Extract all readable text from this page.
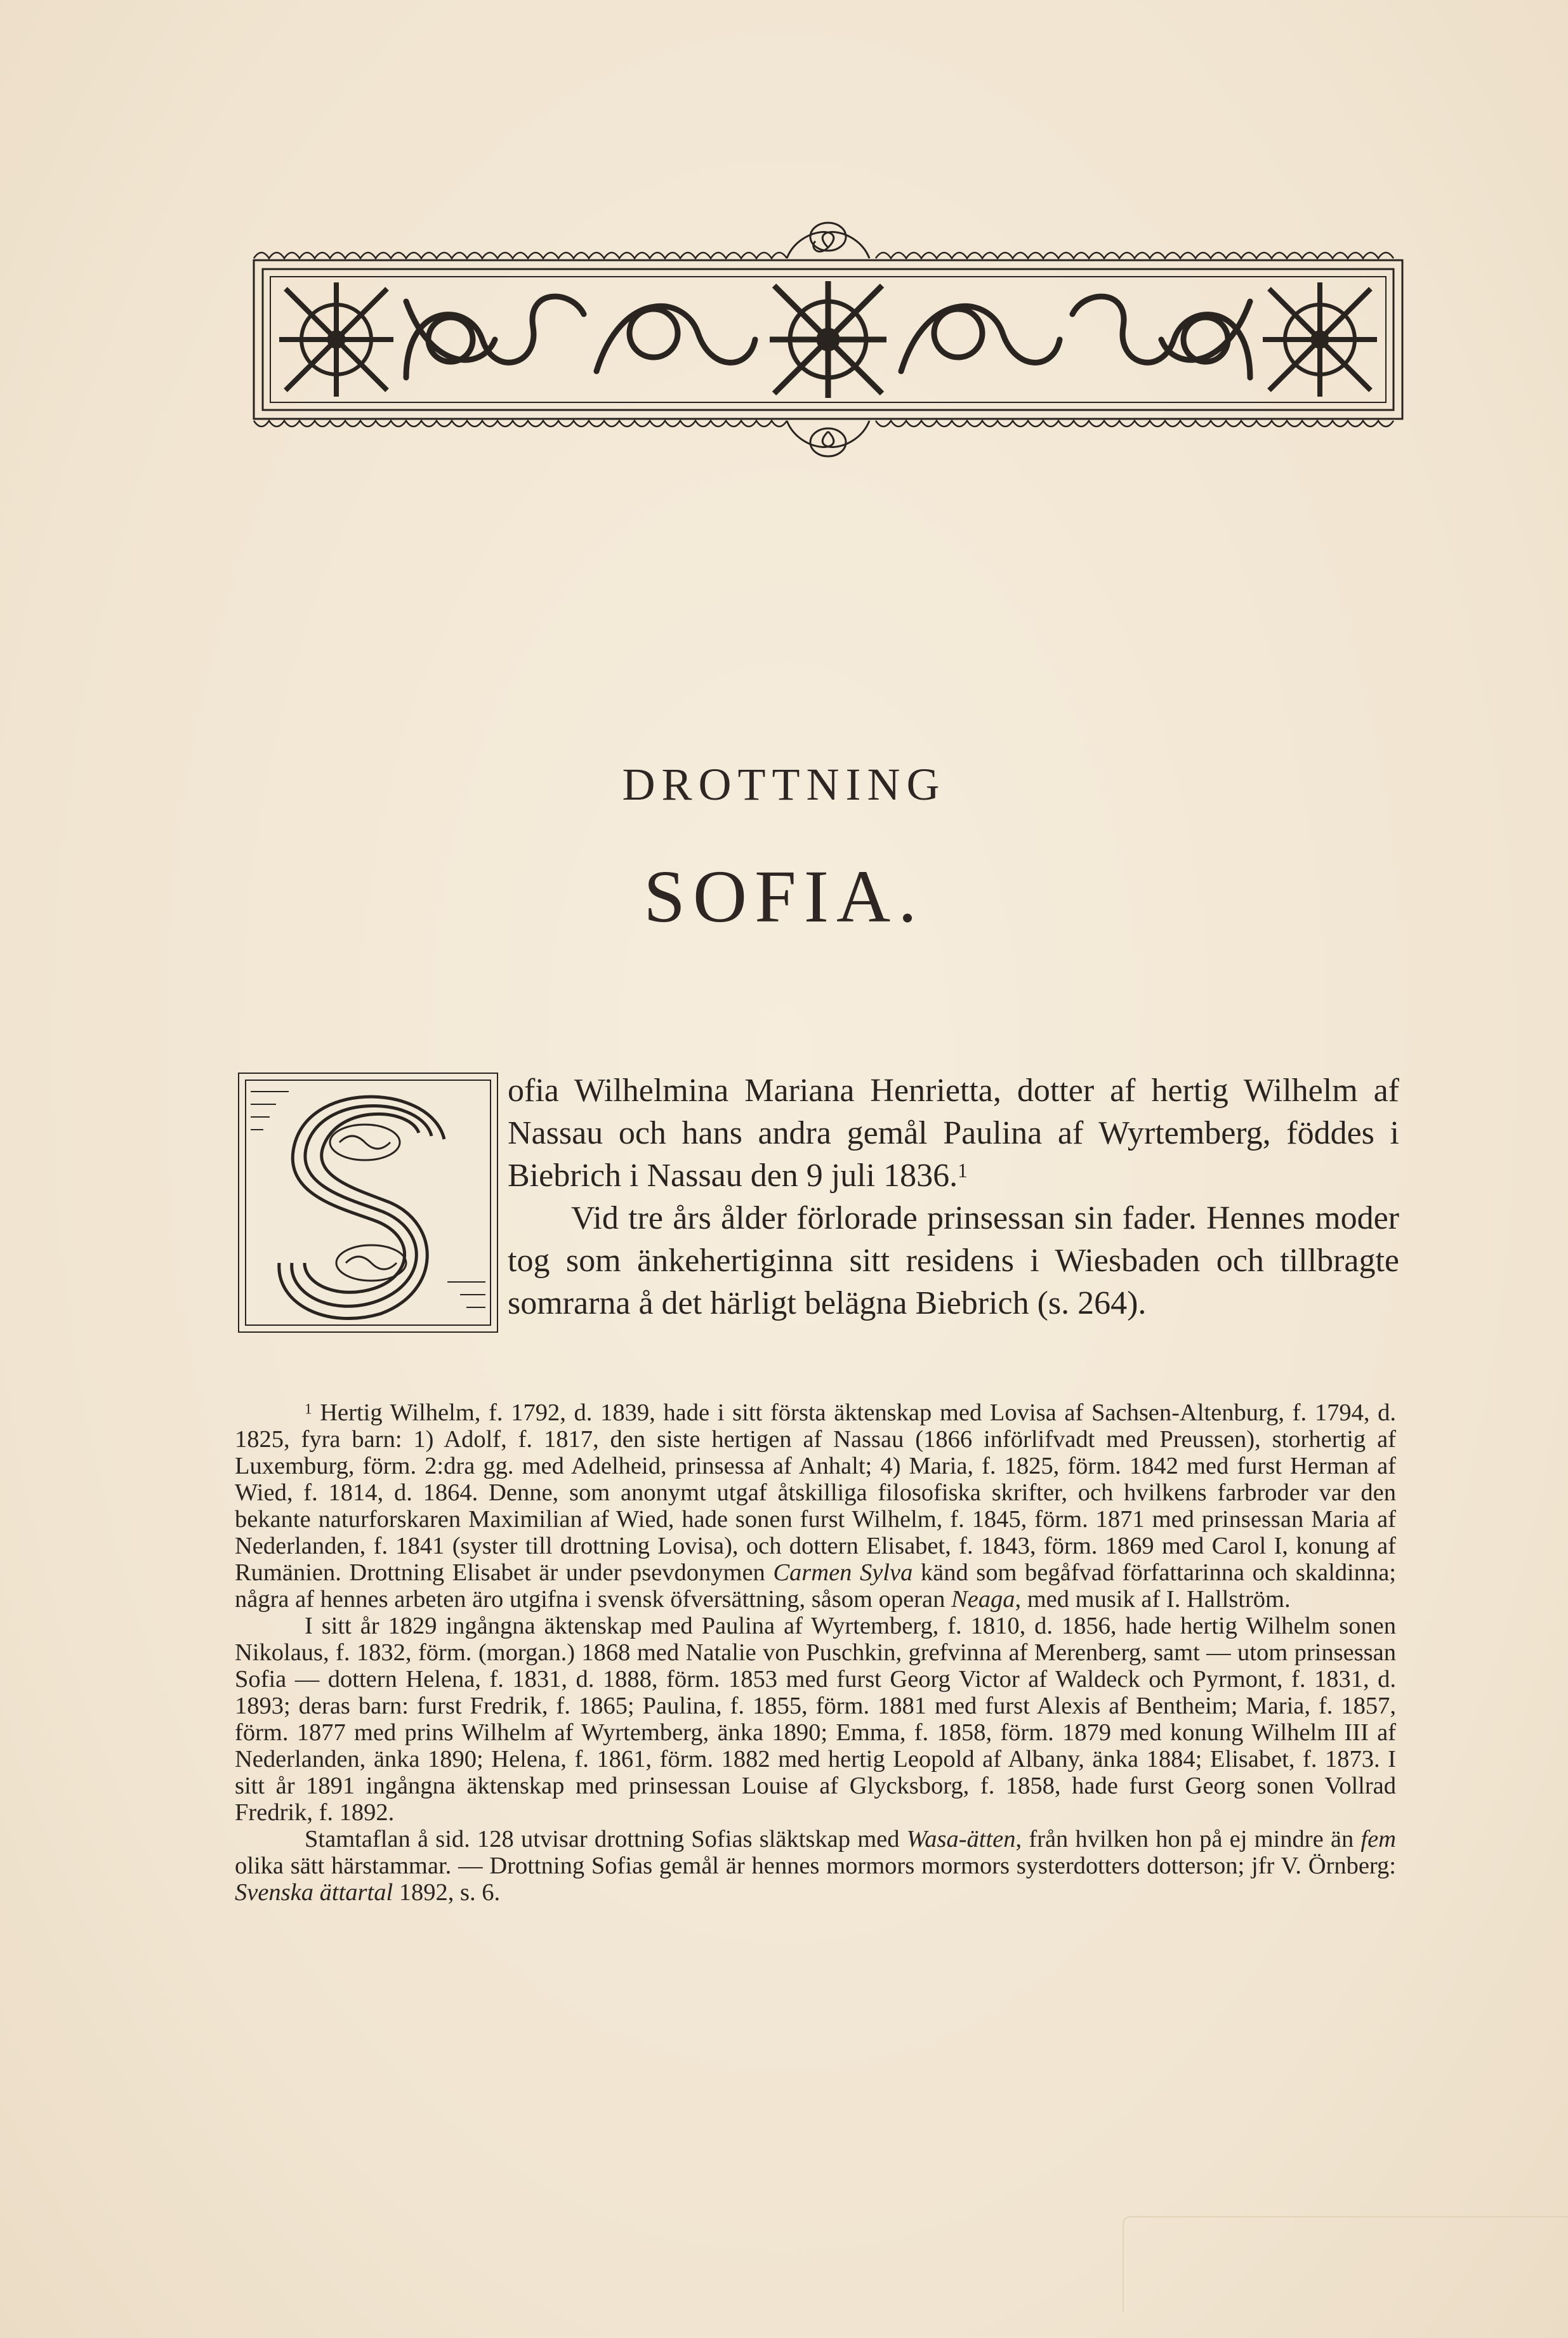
DROTTNING
SOFIA.

ofia Wilhelmina Mariana Henrietta, dotter af hertig Wilhelm af Nassau och hans andra gemål Paulina af Wyrtemberg, föddes i Biebrich i Nassau den 9 juli 1836.$^1$

Vid tre års ålder förlorade prinsessan sin fader. Hennes moder tog som änkehertiginna sitt residens i Wiesbaden och tillbragte somrarna å det härligt belägna Biebrich (s. 264).

$^1$ Hertig Wilhelm, f. 1792, d. 1839, hade i sitt första äktenskap med Lovisa af Sachsen-Altenburg, f. 1794, d. 1825, fyra barn: 1) Adolf, f. 1817, den siste hertigen af Nassau (1866 införlifvadt med Preussen), storhertig af Luxemburg, förm. 2:dra gg. med Adelheid, prinsessa af Anhalt; 4) Maria, f. 1825, förm. 1842 med furst Herman af Wied, f. 1814, d. 1864. Denne, som anonymt utgaf åtskilliga filosofiska skrifter, och hvilkens farbroder var den bekante naturforskaren Maximilian af Wied, hade sonen furst Wilhelm, f. 1845, förm. 1871 med prinsessan Maria af Nederlanden, f. 1841 (syster till drottning Lovisa), och dottern Elisabet, f. 1843, förm. 1869 med Carol I, konung af Rumänien. Drottning Elisabet är under psevdonymen Carmen Sylva känd som begåfvad författarinna och skaldinna; några af hennes arbeten äro utgifna i svensk öfversättning, såsom operan Neaga, med musik af I. Hallström.

I sitt år 1829 ingångna äktenskap med Paulina af Wyrtemberg, f. 1810, d. 1856, hade hertig Wilhelm sonen Nikolaus, f. 1832, förm. (morgan.) 1868 med Natalie von Puschkin, grefvinna af Merenberg, samt — utom prinsessan Sofia — dottern Helena, f. 1831, d. 1888, förm. 1853 med furst Georg Victor af Waldeck och Pyrmont, f. 1831, d. 1893; deras barn: furst Fredrik, f. 1865; Paulina, f. 1855, förm. 1881 med furst Alexis af Bentheim; Maria, f. 1857, förm. 1877 med prins Wilhelm af Wyrtemberg, änka 1890; Emma, f. 1858, förm. 1879 med konung Wilhelm III af Nederlanden, änka 1890; Helena, f. 1861, förm. 1882 med hertig Leopold af Albany, änka 1884; Elisabet, f. 1873. I sitt år 1891 ingångna äktenskap med prinsessan Louise af Glycksborg, f. 1858, hade furst Georg sonen Vollrad Fredrik, f. 1892.

Stamtaflan å sid. 128 utvisar drottning Sofias släktskap med Wasa-ätten, från hvilken hon på ej mindre än fem olika sätt härstammar. — Drottning Sofias gemål är hennes mormors mormors systerdotters dotterson; jfr V. Örnberg: Svenska ättartal 1892, s. 6.
